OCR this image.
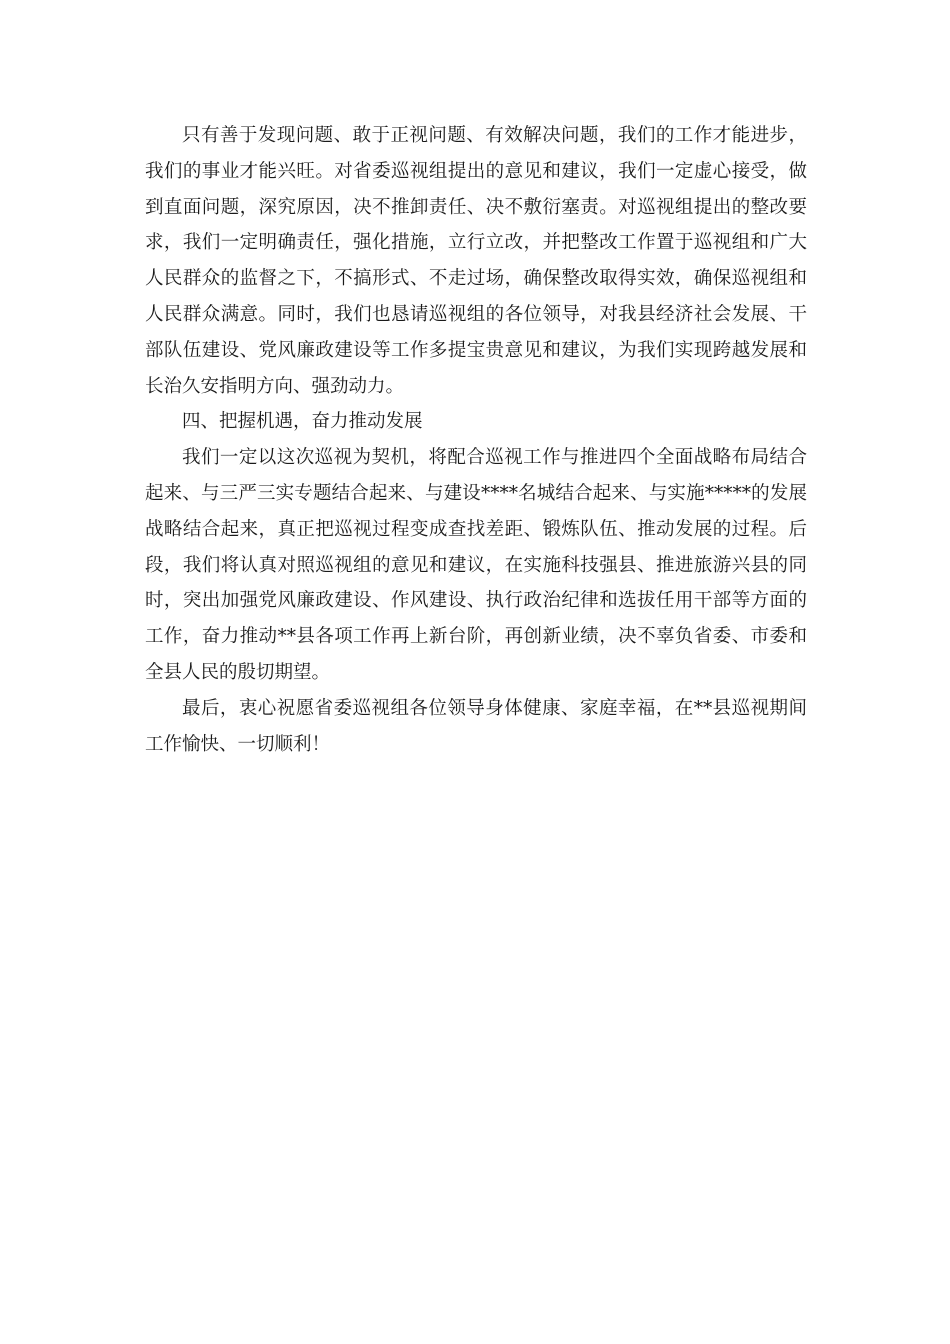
只有善于发现问题、敢于正视问题、有效解决问题，我们的工作才能进步，我们的事业才能兴旺。对省委巡视组提出的意见和建议，我们一定虚心接受，做到直面问题，深究原因，决不推卸责任、决不敷衍塞责。对巡视组提出的整改要求，我们一定明确责任，强化措施，立行立改，并把整改工作置于巡视组和广大人民群众的监督之下，不搞形式、不走过场，确保整改取得实效，确保巡视组和人民群众满意。同时，我们也恳请巡视组的各位领导，对我县经济社会发展、干部队伍建设、党风廉政建设等工作多提宝贵意见和建议，为我们实现跨越发展和长治久安指明方向、强劲动力。

四、把握机遇，奋力推动发展

我们一定以这次巡视为契机，将配合巡视工作与推进四个全面战略布局结合起来、与三严三实专题结合起来、与建设****名城结合起来、与实施*****的发展战略结合起来，真正把巡视过程变成查找差距、锻炼队伍、推动发展的过程。后段，我们将认真对照巡视组的意见和建议，在实施科技强县、推进旅游兴县的同时，突出加强党风廉政建设、作风建设、执行政治纪律和选拔任用干部等方面的工作，奋力推动**县各项工作再上新台阶，再创新业绩，决不辜负省委、市委和全县人民的殷切期望。

最后，衷心祝愿省委巡视组各位领导身体健康、家庭幸福，在**县巡视期间工作愉快、一切顺利！
